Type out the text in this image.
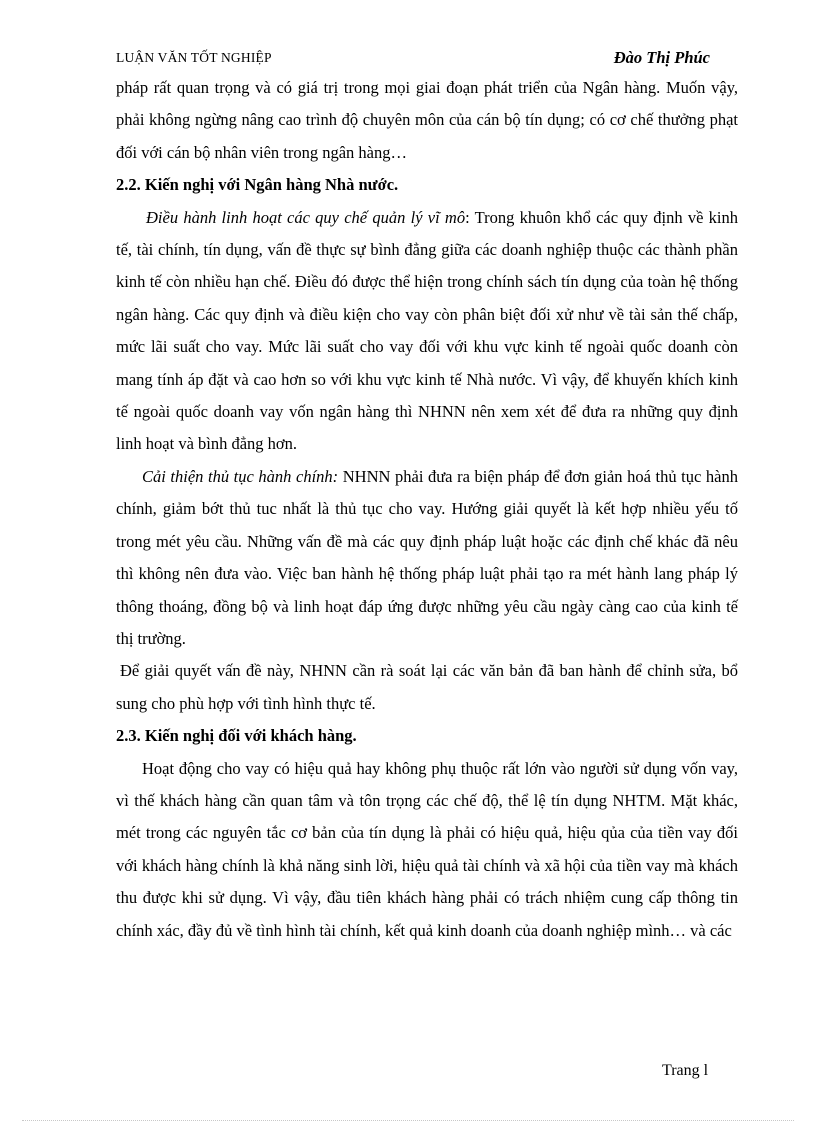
LUẬN VĂN TỐT NGHIỆP	Đào Thị Phúc

pháp rất quan trọng và có giá trị trong mọi giai đoạn phát triển của Ngân hàng. Muốn vậy, phải không ngừng nâng cao trình độ chuyên môn của cán bộ tín dụng; có cơ chế thưởng phạt đối với cán bộ nhân viên trong ngân hàng…

2.2. Kiến nghị với Ngân hàng Nhà nước.

Điều hành linh hoạt các quy chế quản lý vĩ mô: Trong khuôn khổ các quy định về kinh tế, tài chính, tín dụng, vấn đề thực sự bình đẳng giữa các doanh nghiệp thuộc các thành phần kinh tế còn nhiều hạn chế. Điều đó được thể hiện trong chính sách tín dụng của toàn hệ thống ngân hàng. Các quy định và điều kiện cho vay còn phân biệt đối xử như về tài sản thế chấp, mức lãi suất cho vay. Mức lãi suất cho vay đối với khu vực kinh tế ngoài quốc doanh còn mang tính áp đặt và cao hơn so với khu vực kinh tế Nhà nước. Vì vậy, để khuyến khích kinh tế ngoài quốc doanh vay vốn ngân hàng thì NHNN nên xem xét để đưa ra những quy định linh hoạt và bình đẳng hơn.

Cải thiện thủ tục hành chính: NHNN phải đưa ra biện pháp để đơn giản hoá thủ tục hành chính, giảm bớt thủ tuc nhất là thủ tục cho vay. Hướng giải quyết là kết hợp nhiều yếu tố trong mét yêu cầu. Những vấn đề mà các quy định pháp luật hoặc các định chế khác đã nêu thì không nên đưa vào. Việc ban hành hệ thống pháp luật phải tạo ra mét hành lang pháp lý thông thoáng, đồng bộ và linh hoạt đáp ứng được những yêu cầu ngày càng cao của kinh tế thị trường.

Để giải quyết vấn đề này, NHNN cần rà soát lại các văn bản đã ban hành để chỉnh sửa, bổ sung cho phù hợp với tình hình thực tế.

2.3. Kiến nghị đối với khách hàng.

Hoạt động cho vay có hiệu quả hay không phụ thuộc rất lớn vào người sử dụng vốn vay, vì thế khách hàng cần quan tâm và tôn trọng các chế độ, thể lệ tín dụng NHTM. Mặt khác, mét trong các nguyên tắc cơ bản của tín dụng là phải có hiệu quả, hiệu qủa của tiền vay đối với khách hàng chính là khả năng sinh lời, hiệu quả tài chính và xã hội của tiền vay mà khách thu được khi sử dụng. Vì vậy, đầu tiên khách hàng phải có trách nhiệm cung cấp thông tin chính xác, đầy đủ về tình hình tài chính, kết quả kinh doanh của doanh nghiệp mình… và các

Trang l
